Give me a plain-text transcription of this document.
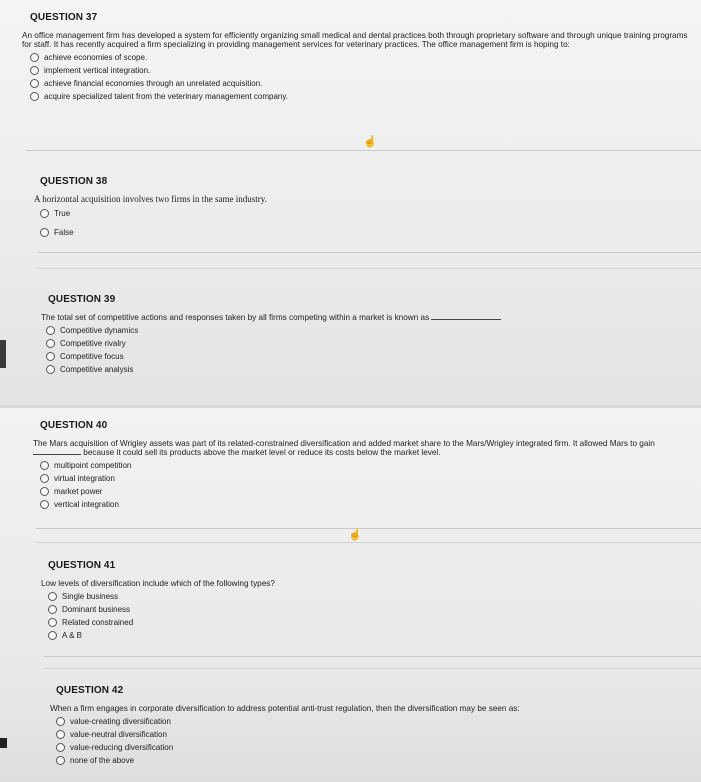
QUESTION 37
An office management firm has developed a system for efficiently organizing small medical and dental practices both through proprietary software and through unique training programs for staff. It has recently acquired a firm specializing in providing management services for veterinary practices. The office management firm is hoping to:
achieve economies of scope.
implement vertical integration.
achieve financial economies through an unrelated acquisition.
acquire specialized talent from the veterinary management company.
☝
QUESTION 38
A horizontal acquisition involves two firms in the same industry.
True
False
QUESTION 39
The total set of competitive actions and responses taken by all firms competing within a market is known as
Competitive dynamics
Competitive rivalry
Competitive focus
Competitive analysis
QUESTION 40
The Mars acquisition of Wrigley assets was part of its related-constrained diversification and added market share to the Mars/Wrigley integrated firm. It allowed Mars to gain  because it could sell its products above the market level or reduce its costs below the market level.
multipoint competition
virtual integration
market power
vertical integration
☝
QUESTION 41
Low levels of diversification include which of the following types?
Single business
Dominant business
Related constrained
A & B
QUESTION 42
When a firm engages in corporate diversification to address potential anti-trust regulation, then the diversification may be seen as:
value-creating diversification
value-neutral diversification
value-reducing diversification
none of the above
